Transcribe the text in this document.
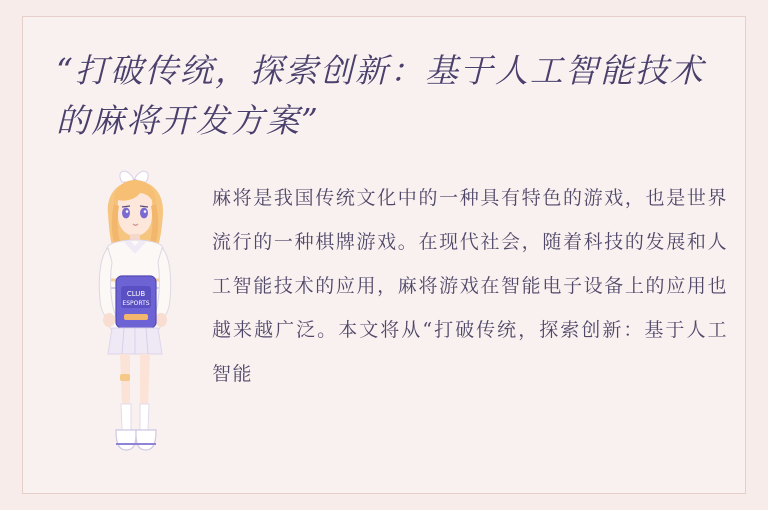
“打破传统，探索创新：基于人工智能技术的麻将开发方案”
CLUB
ESPORTS
麻将是我国传统文化中的一种具有特色的游戏，也是世界流行的一种棋牌游戏。在现代社会，随着科技的发展和人工智能技术的应用，麻将游戏在智能电子设备上的应用也越来越广泛。本文将从“打破传统，探索创新：基于人工智能
